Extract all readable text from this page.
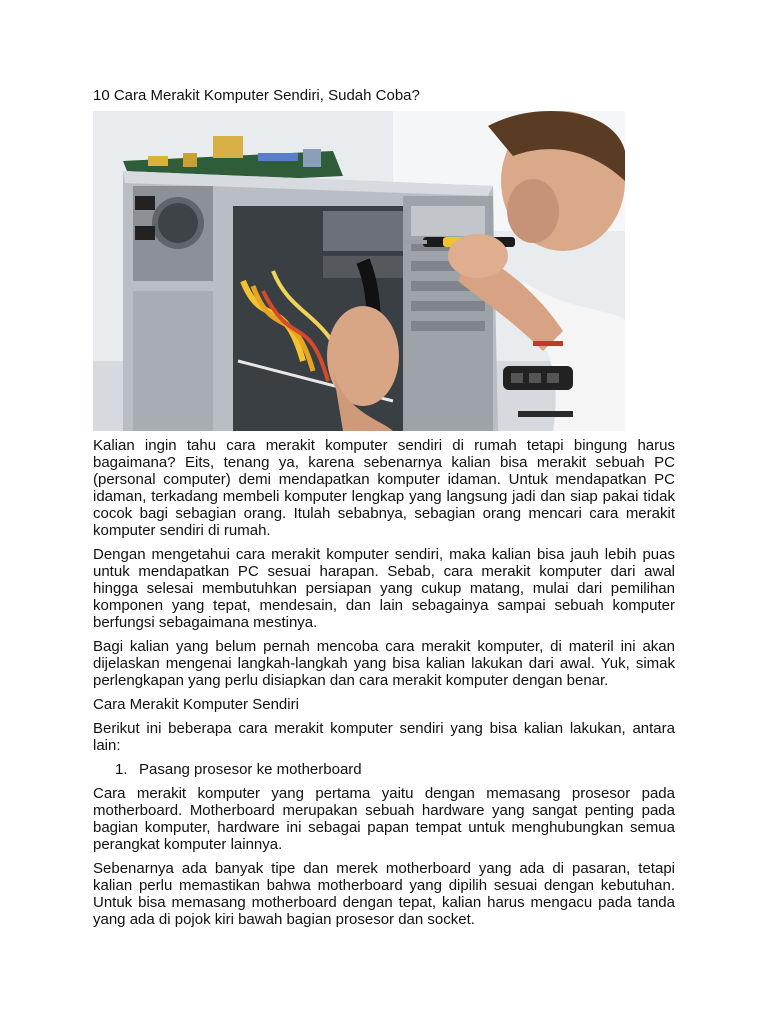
10 Cara Merakit Komputer Sendiri, Sudah Coba?

Kalian ingin tahu cara merakit komputer sendiri di rumah tetapi bingung harus bagaimana? Eits, tenang ya, karena sebenarnya kalian bisa merakit sebuah PC (personal computer) demi mendapatkan komputer idaman. Untuk mendapatkan PC idaman, terkadang membeli komputer lengkap yang langsung jadi dan siap pakai tidak cocok bagi sebagian orang. Itulah sebabnya, sebagian orang mencari cara merakit komputer sendiri di rumah.

Dengan mengetahui cara merakit komputer sendiri, maka kalian bisa jauh lebih puas untuk mendapatkan PC sesuai harapan. Sebab, cara merakit komputer dari awal hingga selesai membutuhkan persiapan yang cukup matang, mulai dari pemilihan komponen yang tepat, mendesain, dan lain sebagainya sampai sebuah komputer berfungsi sebagaimana mestinya.

Bagi kalian yang belum pernah mencoba cara merakit komputer, di materil ini akan dijelaskan mengenai langkah-langkah yang bisa kalian lakukan dari awal. Yuk, simak perlengkapan yang perlu disiapkan dan cara merakit komputer dengan benar.

Cara Merakit Komputer Sendiri

Berikut ini beberapa cara merakit komputer sendiri yang bisa kalian lakukan, antara lain:

1. Pasang prosesor ke motherboard

Cara merakit komputer yang pertama yaitu dengan memasang prosesor pada motherboard. Motherboard merupakan sebuah hardware yang sangat penting pada bagian komputer, hardware ini sebagai papan tempat untuk menghubungkan semua perangkat komputer lainnya.

Sebenarnya ada banyak tipe dan merek motherboard yang ada di pasaran, tetapi kalian perlu memastikan bahwa motherboard yang dipilih sesuai dengan kebutuhan. Untuk bisa memasang motherboard dengan tepat, kalian harus mengacu pada tanda yang ada di pojok kiri bawah bagian prosesor dan socket.
